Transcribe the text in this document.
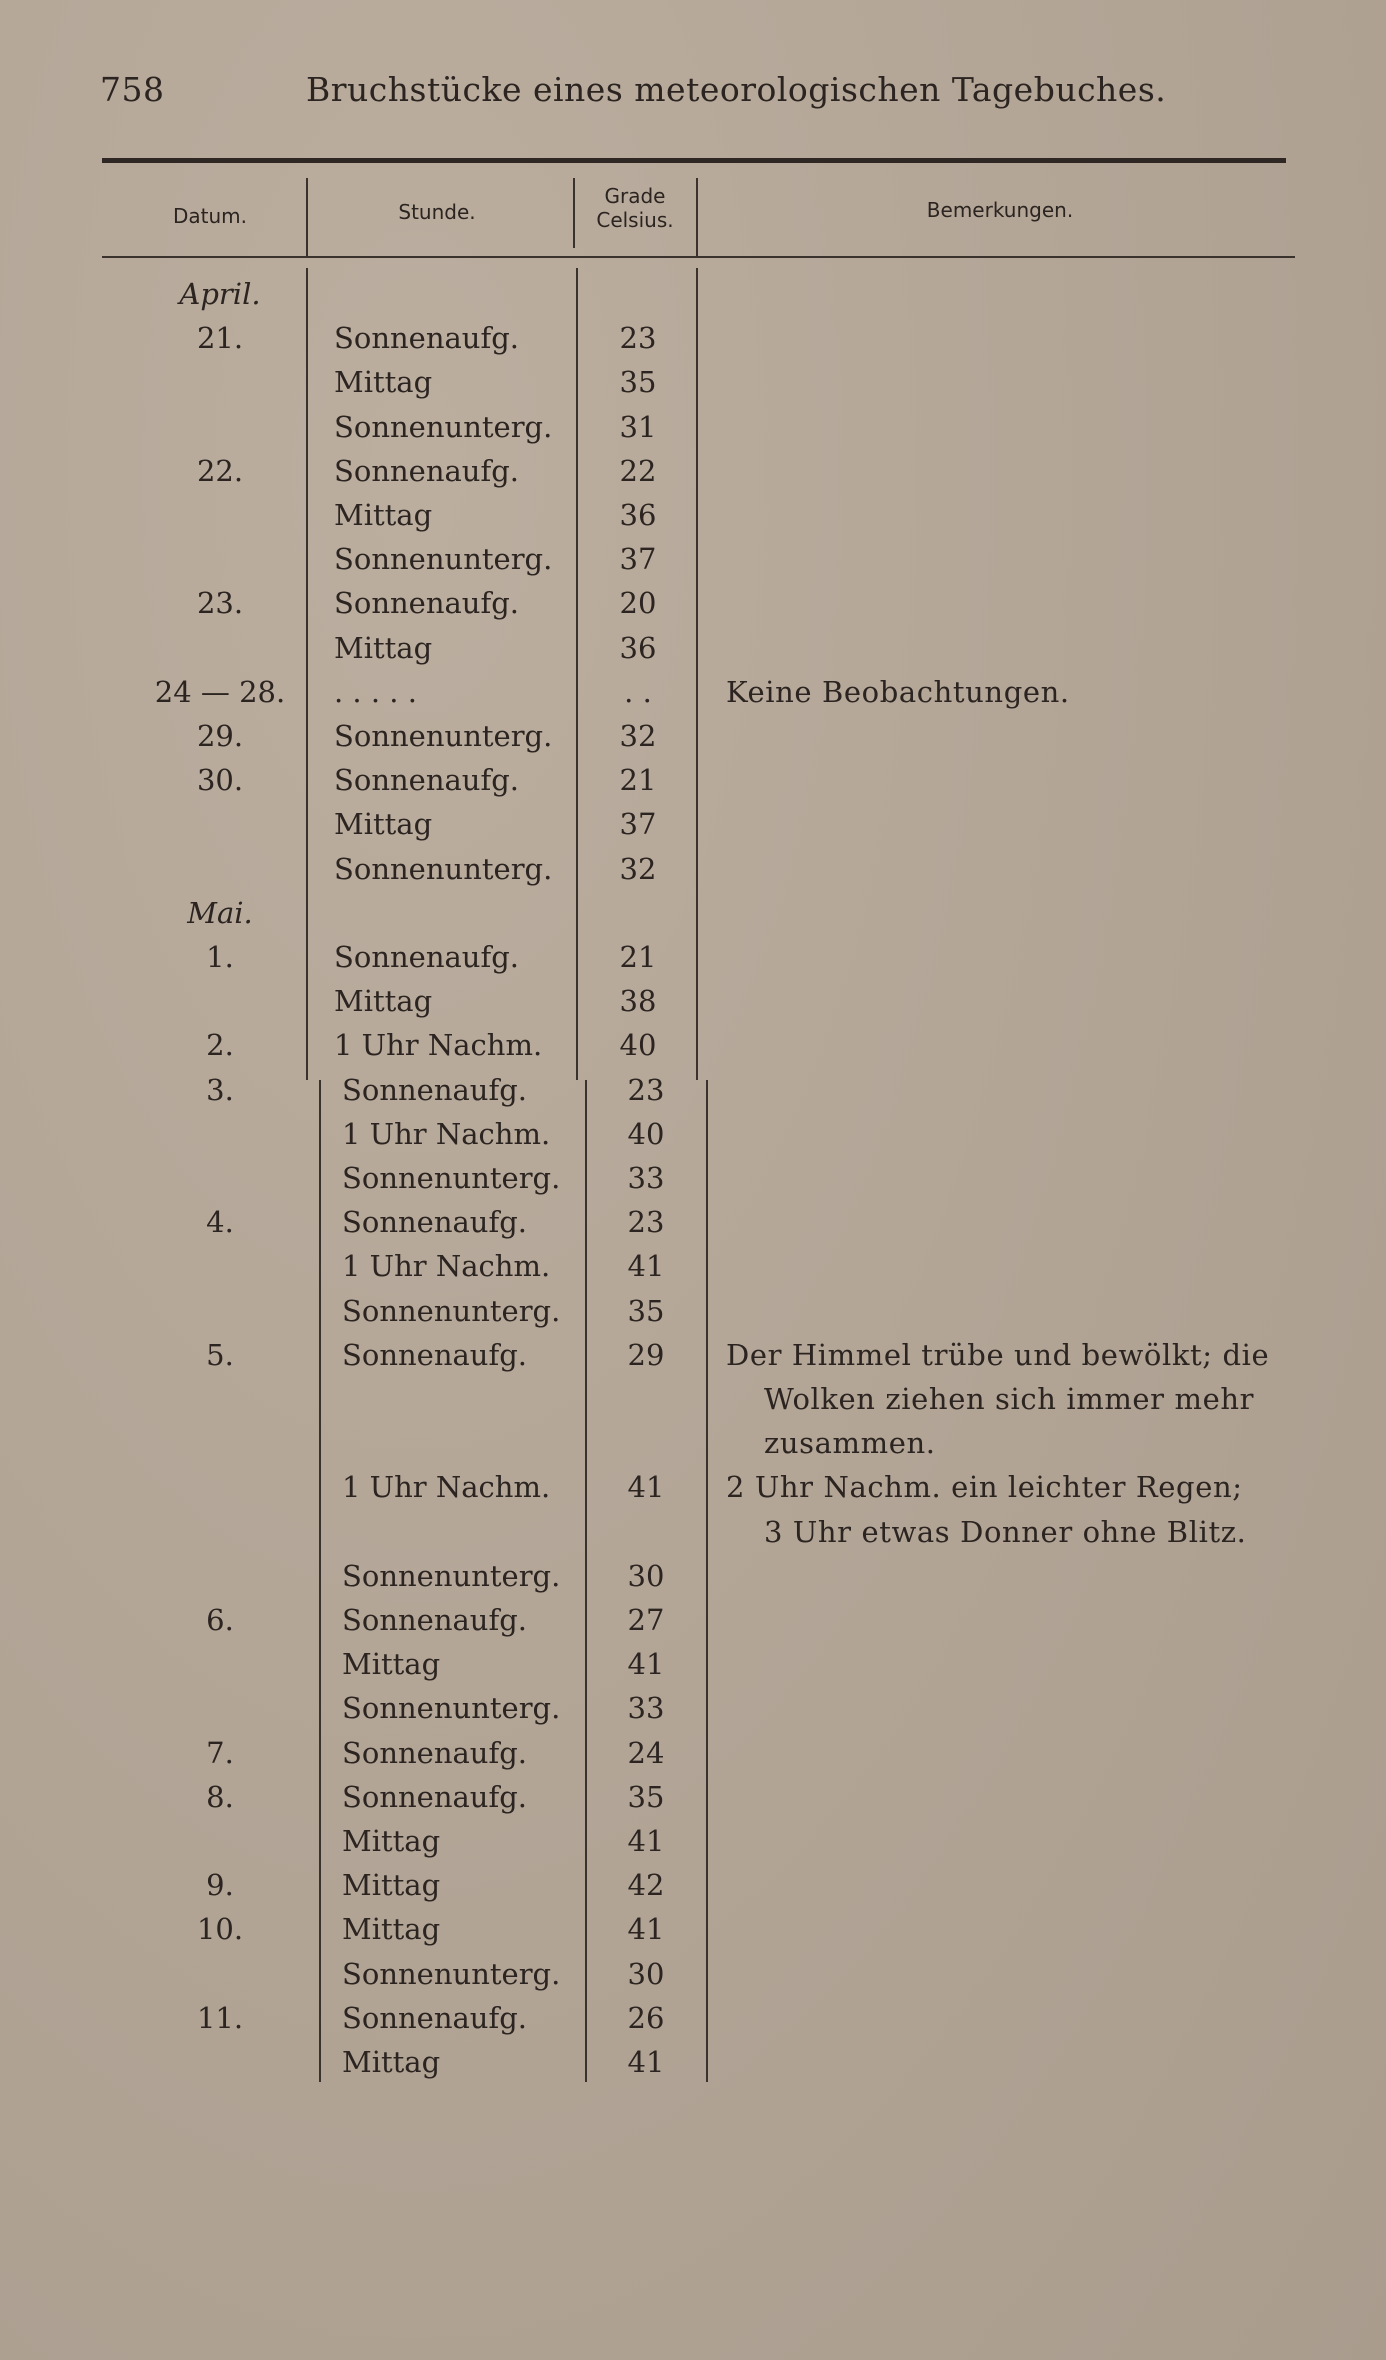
758	Bruchstücke eines meteorologischen Tagebuches.
Datum.	Stunde.
Grade
Celsius.	Bemerkungen.
April.
21.	Sonnenaufg.	23
Mittag	35
Sonnenunterg.	31
22.	Sonnenaufg.	22
Mittag	36
Sonnenunterg.	37
23.	Sonnenaufg.	20
Mittag	36
24 — 28.	. . . . .	. .	Keine Beobachtungen.
29.	Sonnenunterg.	32
30.	Sonnenaufg.	21
Mittag	37
Sonnenunterg.	32
Mai.
1.	Sonnenaufg.	21
Mittag	38
2.	1 Uhr Nachm.	40
3.	Sonnenaufg.	23
1 Uhr Nachm.	40
Sonnenunterg.	33
4.	Sonnenaufg.	23
1 Uhr Nachm.	41
Sonnenunterg.	35
5.	Sonnenaufg.	29	Der Himmel trübe und bewölkt; die
Wolken ziehen sich immer mehr
zusammen.
1 Uhr Nachm.	41	2 Uhr Nachm. ein leichter Regen;
3 Uhr etwas Donner ohne Blitz.
Sonnenunterg.	30
6.	Sonnenaufg.	27
Mittag	41
Sonnenunterg.	33
7.	Sonnenaufg.	24
8.	Sonnenaufg.	35
Mittag	41
9.	Mittag	42
10.	Mittag	41
Sonnenunterg.	30
11.	Sonnenaufg.	26
Mittag	41
